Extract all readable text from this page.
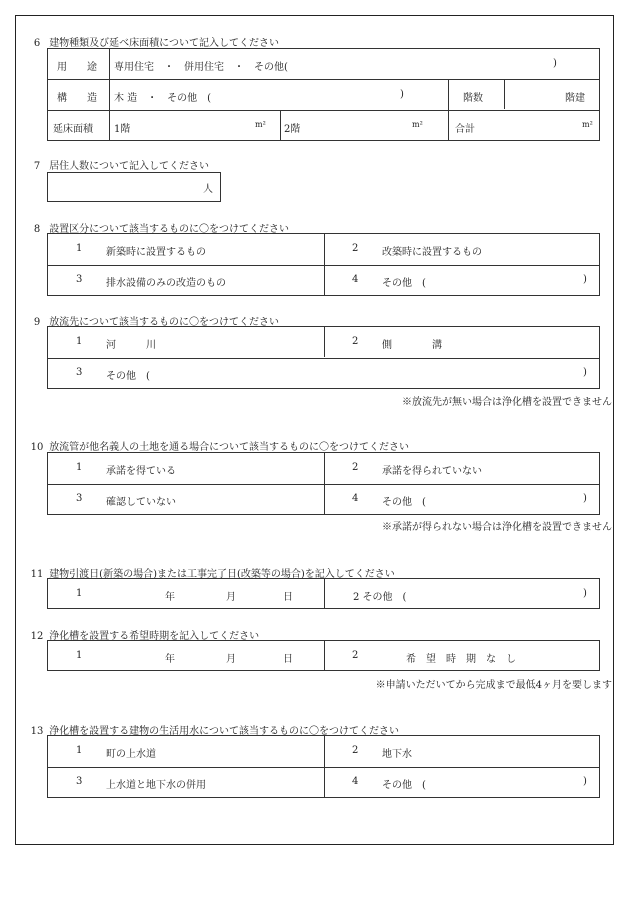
6 建物種類及び延べ床面積について記入してください
用　　途 専用住宅　・　併用住宅　・　その他(	)
構　　造 木 造　・　その他　(	)	階数	階建
延床面積 1階	m² 2階	m²	合計	m²
7 居住人数について記入してください
人
8 設置区分について該当するものに〇をつけてください
1 新築時に設置するもの	2 改築時に設置するもの
3 排水設備のみの改造のもの	4 その他　(	)
9 放流先について該当するものに〇をつけてください
1 河　　　川	2 側　　　　溝
3 その他　(	)
※放流先が無い場合は浄化槽を設置できません
10 放流管が他名義人の土地を通る場合について該当するものに〇をつけてください
1 承諾を得ている	2 承諾を得られていない
3 確認していない	4 その他　(	)
※承諾が得られない場合は浄化槽を設置できません
11 建物引渡日(新築の場合)または工事完了日(改築等の場合)を記入してください
1	年	月	日	2 その他　(	)
12 浄化槽を設置する希望時期を記入してください
1	年	月	日	2	希　望　時　期　な　し
※申請いただいてから完成まで最低4ヶ月を要します
13 浄化槽を設置する建物の生活用水について該当するものに〇をつけてください
1 町の上水道	2 地下水
3 上水道と地下水の併用	4 その他　(	)
